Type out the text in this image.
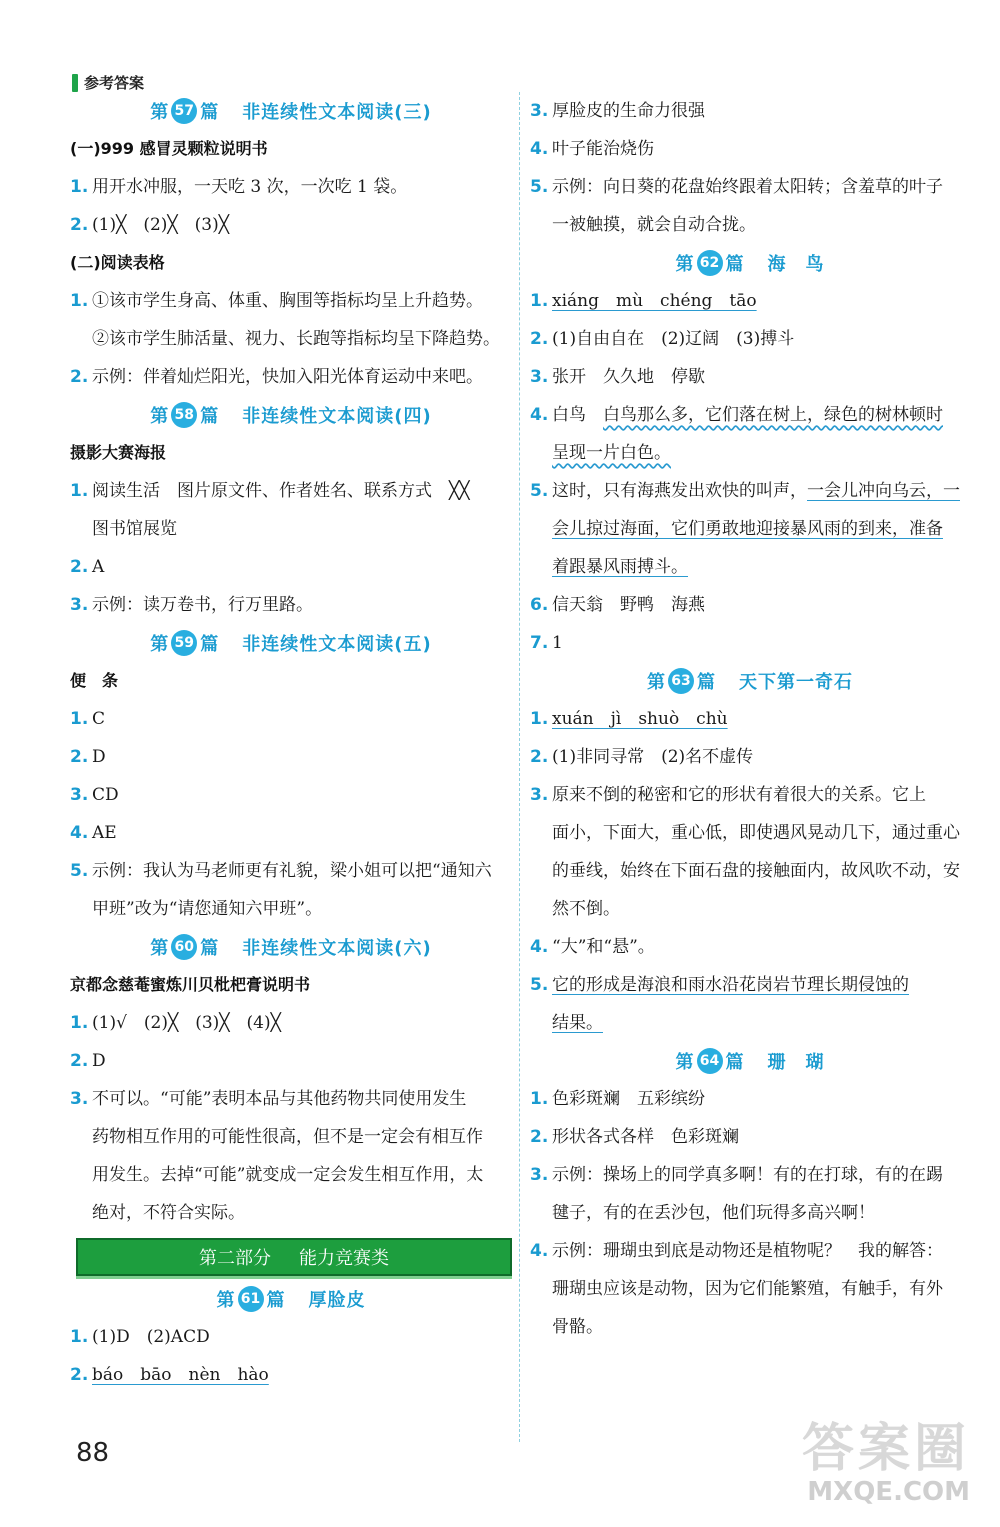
参考答案
第 57 篇 非连续性文本阅读(三)
(一)999 感冒灵颗粒说明书
1. 用开水冲服，一天吃 3 次，一次吃 1 袋。
2. (1)╳　(2)╳　(3)╳
(二)阅读表格
1. ①该市学生身高、体重、胸围等指标均呈上升趋势。
②该市学生肺活量、视力、长跑等指标均呈下降趋势。
2. 示例：伴着灿烂阳光，快加入阳光体育运动中来吧。
第 58 篇 非连续性文本阅读(四)
摄影大赛海报
1. 阅读生活　图片原文件、作者姓名、联系方式　╳╳
图书馆展览
2. A
3. 示例：读万卷书，行万里路。
第 59 篇 非连续性文本阅读(五)
便　条
1. C
2. D
3. CD
4. AE
5. 示例：我认为马老师更有礼貌，梁小姐可以把“通知六
甲班”改为“请您通知六甲班”。
第 60 篇 非连续性文本阅读(六)
京都念慈菴蜜炼川贝枇杷膏说明书
1. (1)√　(2)╳　(3)╳　(4)╳
2. D
3. 不可以。“可能”表明本品与其他药物共同使用发生
药物相互作用的可能性很高，但不是一定会有相互作
用发生。去掉“可能”就变成一定会发生相互作用，太
绝对，不符合实际。
第二部分 能力竞赛类
第 61 篇 厚脸皮
1. (1)D　(2)ACD
2. báo　bāo　nèn　hào
3. 厚脸皮的生命力很强
4. 叶子能治烧伤
5. 示例：向日葵的花盘始终跟着太阳转；含羞草的叶子
一被触摸，就会自动合拢。
第 62 篇 海　鸟
1. xiáng　mù　chéng　tāo
2. (1)自由自在　(2)辽阔　(3)搏斗
3. 张开　久久地　停歇
4. 白鸟　白鸟那么多，它们落在树上，绿色的树林顿时
呈现一片白色。
5. 这时，只有海燕发出欢快的叫声，一会儿冲向乌云，一
会儿掠过海面，它们勇敢地迎接暴风雨的到来，准备
着跟暴风雨搏斗。
6. 信天翁　野鸭　海燕
7. 1
第 63 篇 天下第一奇石
1. xuán　jì　shuò　chù
2. (1)非同寻常　(2)名不虚传
3. 原来不倒的秘密和它的形状有着很大的关系。它上
面小，下面大，重心低，即使遇风晃动几下，通过重心
的垂线，始终在下面石盘的接触面内，故风吹不动，安
然不倒。
4. “大”和“悬”。
5. 它的形成是海浪和雨水沿花岗岩节理长期侵蚀的
结果。
第 64 篇 珊　瑚
1. 色彩斑斓　五彩缤纷
2. 形状各式各样　色彩斑斓
3. 示例：操场上的同学真多啊！有的在打球，有的在踢
毽子，有的在丢沙包，他们玩得多高兴啊！
4. 示例：珊瑚虫到底是动物还是植物呢？　我的解答：
珊瑚虫应该是动物，因为它们能繁殖，有触手，有外
骨骼。
88	答案圈
MXQE.COM
